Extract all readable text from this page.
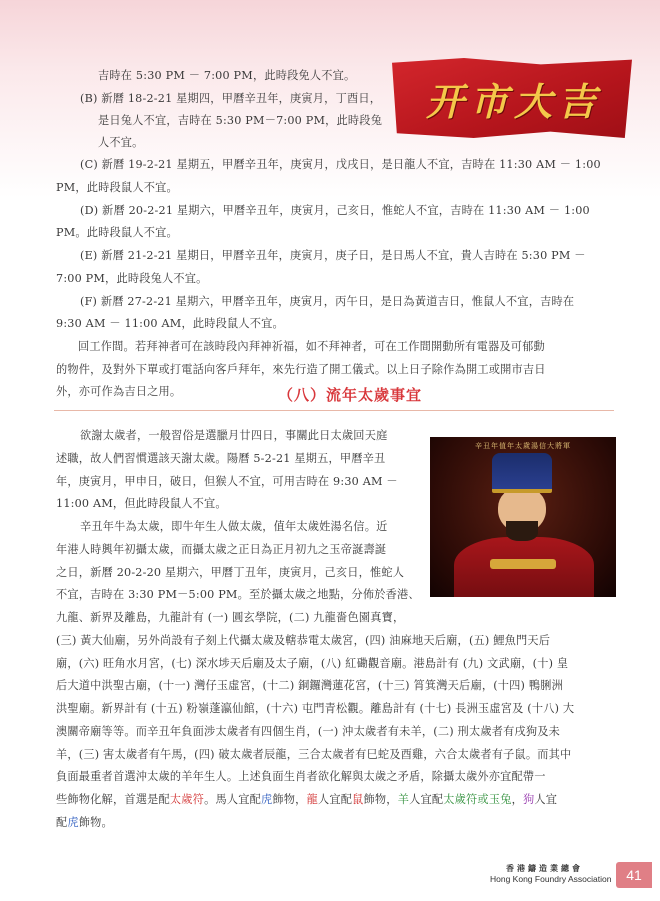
开市大吉
吉時在 5:30 PM － 7:00 PM，此時段免人不宜。
(B) 新曆 18-2-21 星期四，甲曆辛丑年，庚寅月，丁酉日，
是日兔人不宜，吉時在 5:30 PM－7:00 PM，此時段兔
人不宜。
(C) 新曆 19-2-21 星期五，甲曆辛丑年，庚寅月，戊戌日，是日龍人不宜，吉時在 11:30 AM － 1:00
PM，此時段鼠人不宜。
(D) 新曆 20-2-21 星期六，甲曆辛丑年，庚寅月，己亥日，惟蛇人不宜，吉時在 11:30 AM － 1:00
PM。此時段鼠人不宜。
(E) 新曆 21-2-21 星期日，甲曆辛丑年，庚寅月，庚子日，是日馬人不宜，貴人吉時在 5:30 PM －
7:00 PM，此時段兔人不宜。
(F) 新曆 27-2-21 星期六，甲曆辛丑年，庚寅月，丙午日，是日為黃道吉日，惟鼠人不宜，吉時在
9:30 AM － 11:00 AM，此時段鼠人不宜。
回工作間。若拜神者可在該時段內拜神祈福，如不拜神者，可在工作間開動所有電器及可郁動
的物件，及對外下單或打電話向客戶拜年，來先行造了開工儀式。以上日子除作為開工或開市吉日
外，亦可作為吉日之用。	（八）流年太歲事宜
辛丑年值年太歲湯信大將軍
欲謝太歲者，一般習俗是選臘月廿四日，事關此日太歲回天庭
述職，故人們習慣選該天謝太歲。陽曆 5-2-21 星期五，甲曆辛丑
年，庚寅月，甲申日，破日，但猴人不宜，可用吉時在 9:30 AM －
11:00 AM，但此時段鼠人不宜。
辛丑年牛為太歲，即牛年生人做太歲，值年太歲姓湯名信。近
年港人時興年初攝太歲，而攝太歲之正日為正月初九之玉帝誕壽誕
之日，新曆 20-2-20 星期六，甲曆丁丑年，庚寅月，己亥日，惟蛇人
不宜，吉時在 3:30 PM－5:00 PM。至於攝太歲之地點，分佈於香港、
九龍、新界及離島，九龍計有 (一) 圓玄學院，(二) 九龍嗇色園真寶，
(三) 黃大仙廟，另外尚設有子刻上代攝太歲及轄恭電太歲宮，(四) 油麻地天后廟，(五) 鯉魚門天后
廟，(六) 旺角水月宮，(七) 深水埗天后廟及太子廟，(八) 紅磡觀音廟。港島計有 (九) 文武廟，(十) 皇
后大道中洪聖古廟，(十一) 灣仔玉虛宮，(十二) 銅鑼灣蓮花宮，(十三) 筲箕灣天后廟，(十四) 鴨脷洲
洪聖廟。新界計有 (十五) 粉嶺蓬瀛仙館，(十六) 屯門青松觀。離島計有 (十七) 長洲玉虛宮及 (十八) 大
澳關帝廟等等。而辛丑年負面涉太歲者有四個生肖，(一) 沖太歲者有未羊，(二) 刑太歲者有戌狗及未
羊，(三) 害太歲者有午馬，(四) 破太歲者辰龍，三合太歲者有巳蛇及酉雞，六合太歲者有子鼠。而其中
負面最重者首選沖太歲的羊年生人。上述負面生肖者欲化解與太歲之矛盾，除攝太歲外亦宜配帶一
些飾物化解，首選是配太歲符。馬人宜配虎飾物，龍人宜配鼠飾物，羊人宜配太歲符或玉兔，狗人宜
配虎飾物。
香港鑄造業總會
Hong Kong Foundry Association	41
